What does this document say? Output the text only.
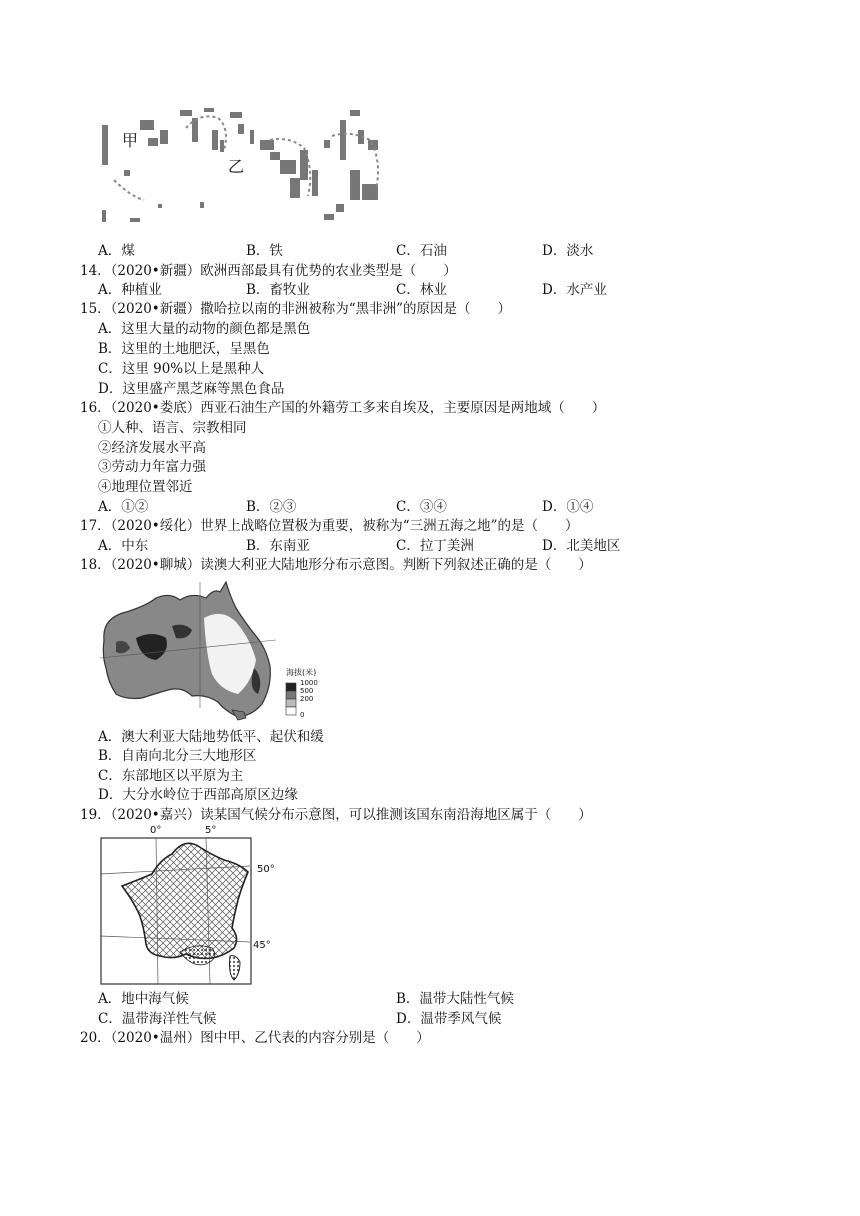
甲
乙
A．煤	B．铁	C．石油	D．淡水
14．（2020•新疆）欧洲西部最具有优势的农业类型是（　　）
A．种植业	B．畜牧业	C．林业	D．水产业
15．（2020•新疆）撒哈拉以南的非洲被称为“黑非洲”的原因是（　　）
A．这里大量的动物的颜色都是黑色
B．这里的土地肥沃，呈黑色
C．这里 90%以上是黑种人
D．这里盛产黑芝麻等黑色食品
16．（2020•娄底）西亚石油生产国的外籍劳工多来自埃及，主要原因是两地域（　　）
①人种、语言、宗教相同
②经济发展水平高
③劳动力年富力强
④地理位置邻近
A．①②	B．②③	C．③④	D．①④
17．（2020•绥化）世界上战略位置极为重要，被称为“三洲五海之地”的是（　　）
A．中东	B．东南亚	C．拉丁美洲	D．北美地区
18．（2020•聊城）读澳大利亚大陆地形分布示意图。判断下列叙述正确的是（　　）
海拔(米)
1000
500
200
0
A．澳大利亚大陆地势低平、起伏和缓
B．自南向北分三大地形区
C．东部地区以平原为主
D．大分水岭位于西部高原区边缘
19．（2020•嘉兴）读某国气候分布示意图，可以推测该国东南沿海地区属于（　　）
0°	5°
50°
45°
A．地中海气候	B．温带大陆性气候
C．温带海洋性气候	D．温带季风气候
20．（2020•温州）图中甲、乙代表的内容分别是（　　）
